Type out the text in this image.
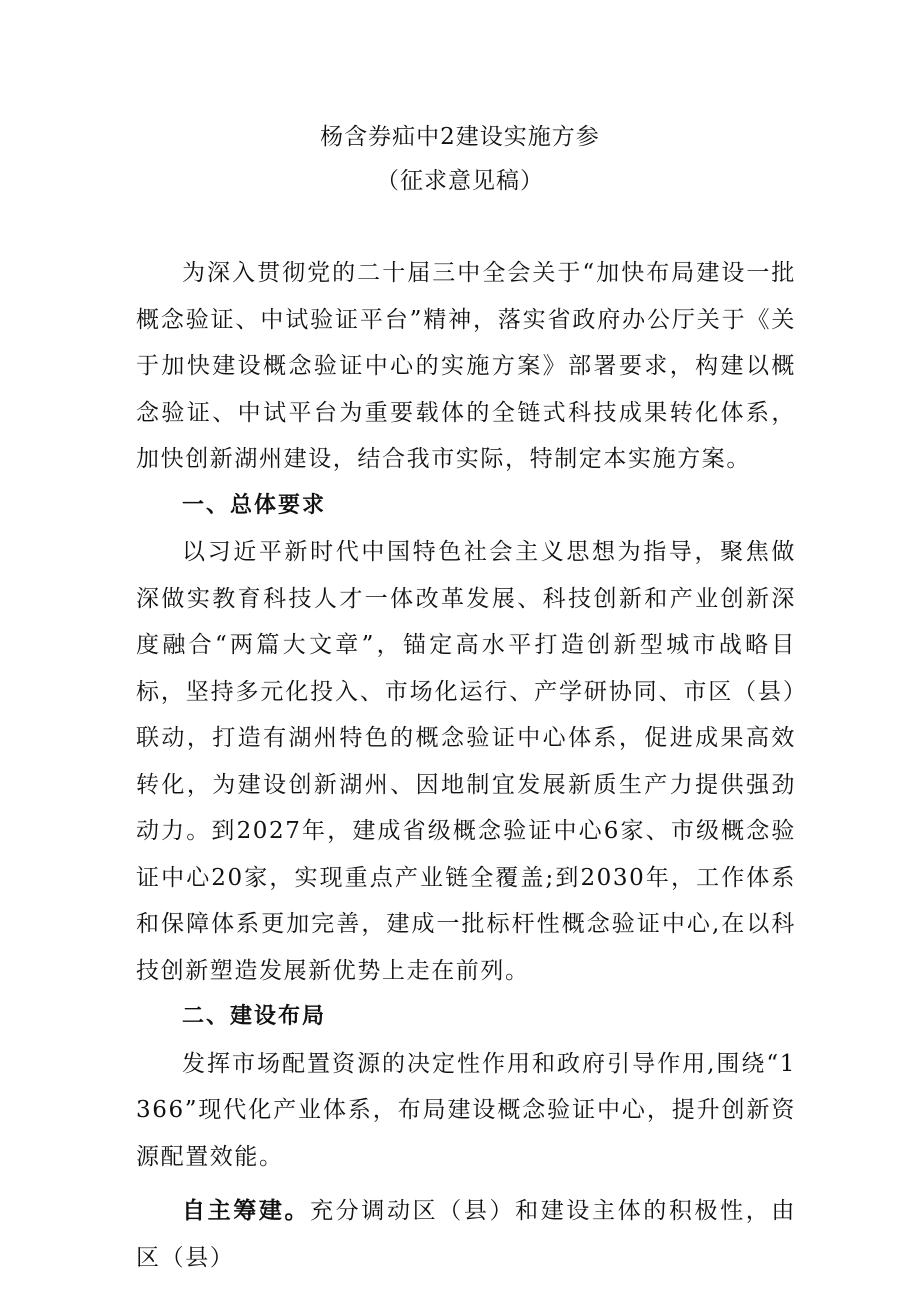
杨含券疝中2建设实施方参
（征求意见稿）

为深入贯彻党的二十届三中全会关于“加快布局建设一批概念验证、中试验证平台”精神，落实省政府办公厅关于《关于加快建设概念验证中心的实施方案》部署要求，构建以概念验证、中试平台为重要载体的全链式科技成果转化体系，加快创新湖州建设，结合我市实际，特制定本实施方案。

一、总体要求

以习近平新时代中国特色社会主义思想为指导，聚焦做深做实教育科技人才一体改革发展、科技创新和产业创新深度融合“两篇大文章”，锚定高水平打造创新型城市战略目标，坚持多元化投入、市场化运行、产学研协同、市区（县）联动，打造有湖州特色的概念验证中心体系，促进成果高效转化，为建设创新湖州、因地制宜发展新质生产力提供强劲动力。到2027年，建成省级概念验证中心6家、市级概念验证中心20家，实现重点产业链全覆盖;到2030年，工作体系和保障体系更加完善，建成一批标杆性概念验证中心,在以科技创新塑造发展新优势上走在前列。

二、建设布局

发挥市场配置资源的决定性作用和政府引导作用,围绕“1366”现代化产业体系，布局建设概念验证中心，提升创新资源配置效能。

自主筹建。充分调动区（县）和建设主体的积极性，由区（县）
